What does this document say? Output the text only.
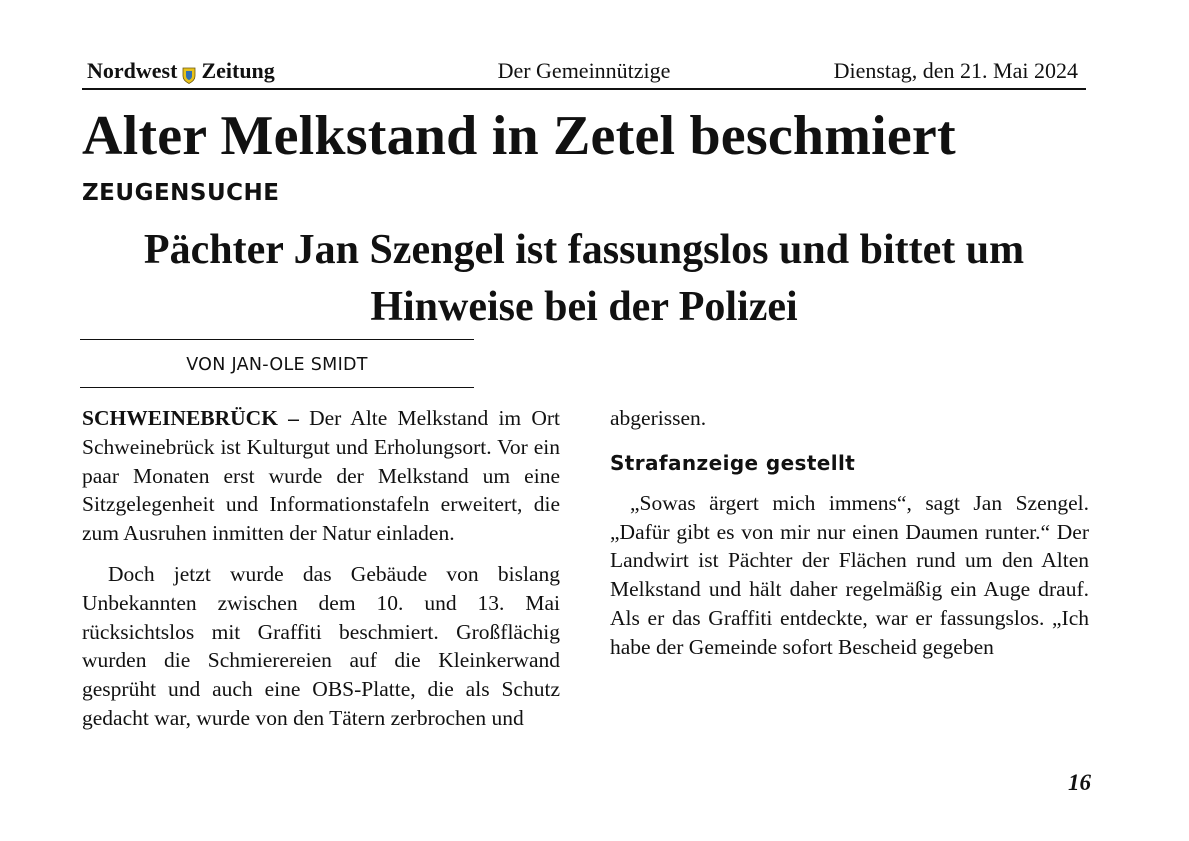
Nordwest Zeitung	Der Gemeinnützige	Dienstag, den 21. Mai 2024
Alter Melkstand in Zetel beschmiert
ZEUGENSUCHE
Pächter Jan Szengel ist fassungslos und bittet um Hinweise bei der Polizei
VON JAN-OLE SMIDT

SCHWEINEBRÜCK – Der Alte Melkstand im Ort Schweinebrück ist Kulturgut und Erholungsort. Vor ein paar Monaten erst wurde der Melkstand um eine Sitzgelegenheit und Informationstafeln erweitert, die zum Ausruhen inmitten der Natur einladen.

Doch jetzt wurde das Gebäude von bislang Unbekannten zwischen dem 10. und 13. Mai rücksichtslos mit Graffiti beschmiert. Großflächig wurden die Schmierereien auf die Kleinkerwand gesprüht und auch eine OBS-Platte, die als Schutz gedacht war, wurde von den Tätern zerbrochen und

abgerissen.

Strafanzeige gestellt

„Sowas ärgert mich immens“, sagt Jan Szengel. „Dafür gibt es von mir nur einen Daumen runter.“ Der Landwirt ist Pächter der Flächen rund um den Alten Melkstand und hält daher regelmäßig ein Auge drauf. Als er das Graffiti entdeckte, war er fassungslos. „Ich habe der Gemeinde sofort Bescheid gegeben

16
